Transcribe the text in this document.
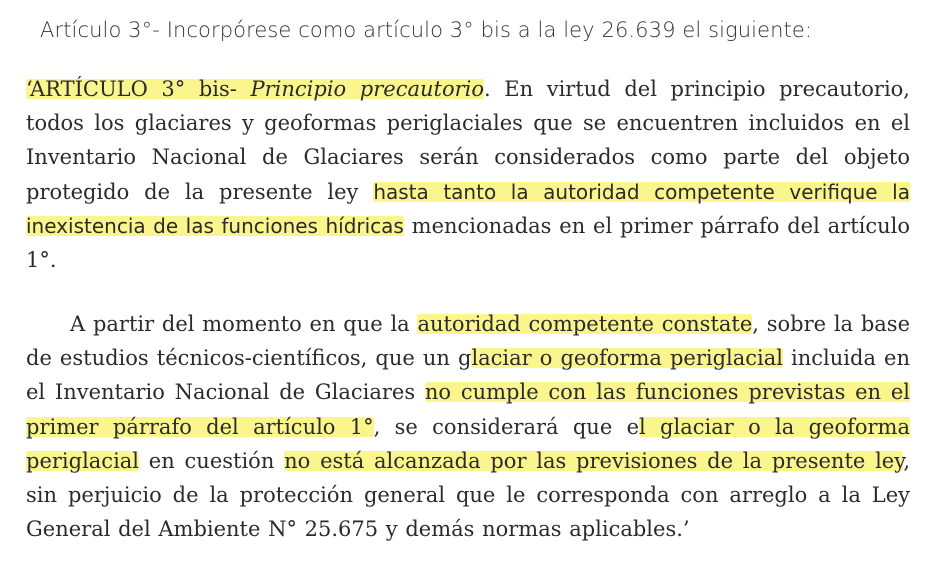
Artículo 3°- Incorpórese como artículo 3° bis a la ley 26.639 el siguiente:

‘ARTÍCULO 3° bis- Principio precautorio. En virtud del principio precautorio, todos los glaciares y geoformas periglaciales que se encuentren incluidos en el Inventario Nacional de Glaciares serán considerados como parte del objeto protegido de la presente ley hasta tanto la autoridad competente verifique la inexistencia de las funciones hídricas mencionadas en el primer párrafo del artículo 1°.

A partir del momento en que la autoridad competente constate, sobre la base de estudios técnicos-científicos, que un glaciar o geoforma periglacial incluida en el Inventario Nacional de Glaciares no cumple con las funciones previstas en el primer párrafo del artículo 1°, se considerará que el glaciar o la geoforma periglacial en cuestión no está alcanzada por las previsiones de la presente ley, sin perjuicio de la protección general que le corresponda con arreglo a la Ley General del Ambiente N° 25.675 y demás normas aplicables.’
